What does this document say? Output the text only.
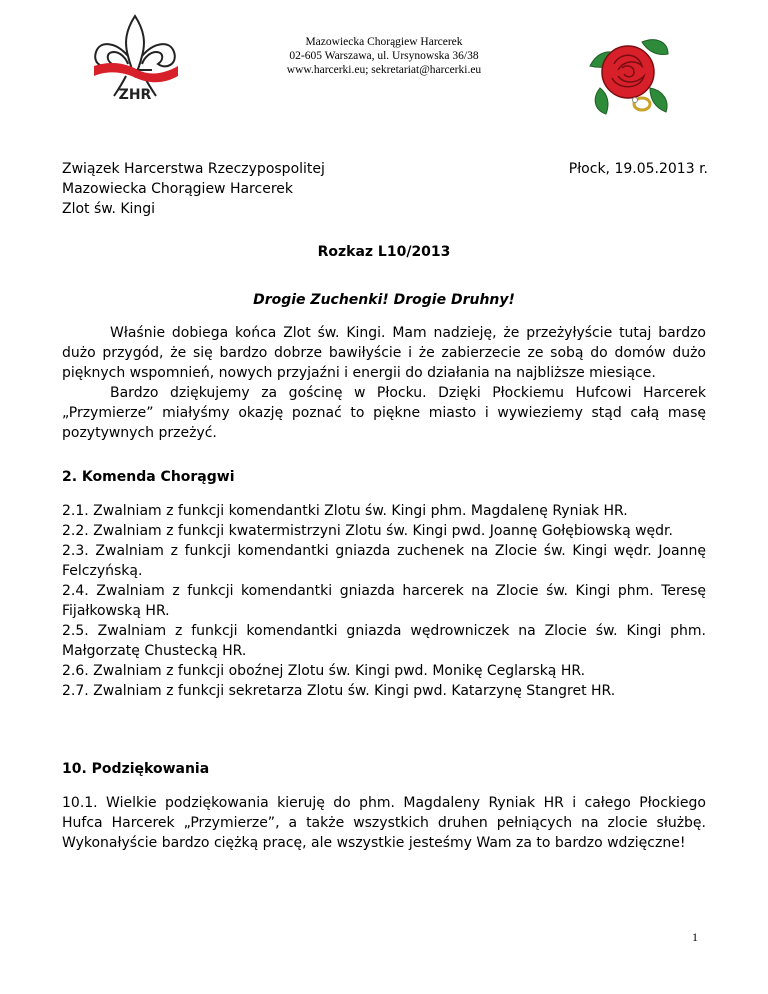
ZHR
Mazowiecka Chorągiew Harcerek
02-605 Warszawa, ul. Ursynowska 36/38
www.harcerki.eu; sekretariat@harcerki.eu
Związek Harcerstwa Rzeczypospolitej
Mazowiecka Chorągiew Harcerek
Zlot św. Kingi
Płock, 19.05.2013 r.
Rozkaz L10/2013
Drogie Zuchenki! Drogie Druhny!

Właśnie dobiega końca Zlot św. Kingi. Mam nadzieję, że przeżyłyście tutaj bardzo dużo przygód, że się bardzo dobrze bawiłyście i że zabierzecie ze sobą do domów dużo pięknych wspomnień, nowych przyjaźni i energii do działania na najbliższe miesiące.

Bardzo dziękujemy za gościnę w Płocku. Dzięki Płockiemu Hufcowi Harcerek „Przymierze” miałyśmy okazję poznać to piękne miasto i wywieziemy stąd całą masę pozytywnych przeżyć.

2. Komenda Chorągwi

2.1. Zwalniam z funkcji komendantki Zlotu św. Kingi phm. Magdalenę Ryniak HR.

2.2. Zwalniam z funkcji kwatermistrzyni Zlotu św. Kingi pwd. Joannę Gołębiowską wędr.

2.3. Zwalniam z funkcji komendantki gniazda zuchenek na Zlocie św. Kingi wędr. Joannę Felczyńską.

2.4. Zwalniam z funkcji komendantki gniazda harcerek na Zlocie św. Kingi phm. Teresę Fijałkowską HR.

2.5. Zwalniam z funkcji komendantki gniazda wędrowniczek na Zlocie św. Kingi phm. Małgorzatę Chustecką HR.

2.6. Zwalniam z funkcji oboźnej Zlotu św. Kingi pwd. Monikę Ceglarską HR.

2.7. Zwalniam z funkcji sekretarza Zlotu św. Kingi pwd. Katarzynę Stangret HR.

10. Podziękowania

10.1. Wielkie podziękowania kieruję do phm. Magdaleny Ryniak HR i całego Płockiego Hufca Harcerek „Przymierze”, a także wszystkich druhen pełniących na zlocie służbę. Wykonałyście bardzo ciężką pracę, ale wszystkie jesteśmy Wam za to bardzo wdzięczne!

1
